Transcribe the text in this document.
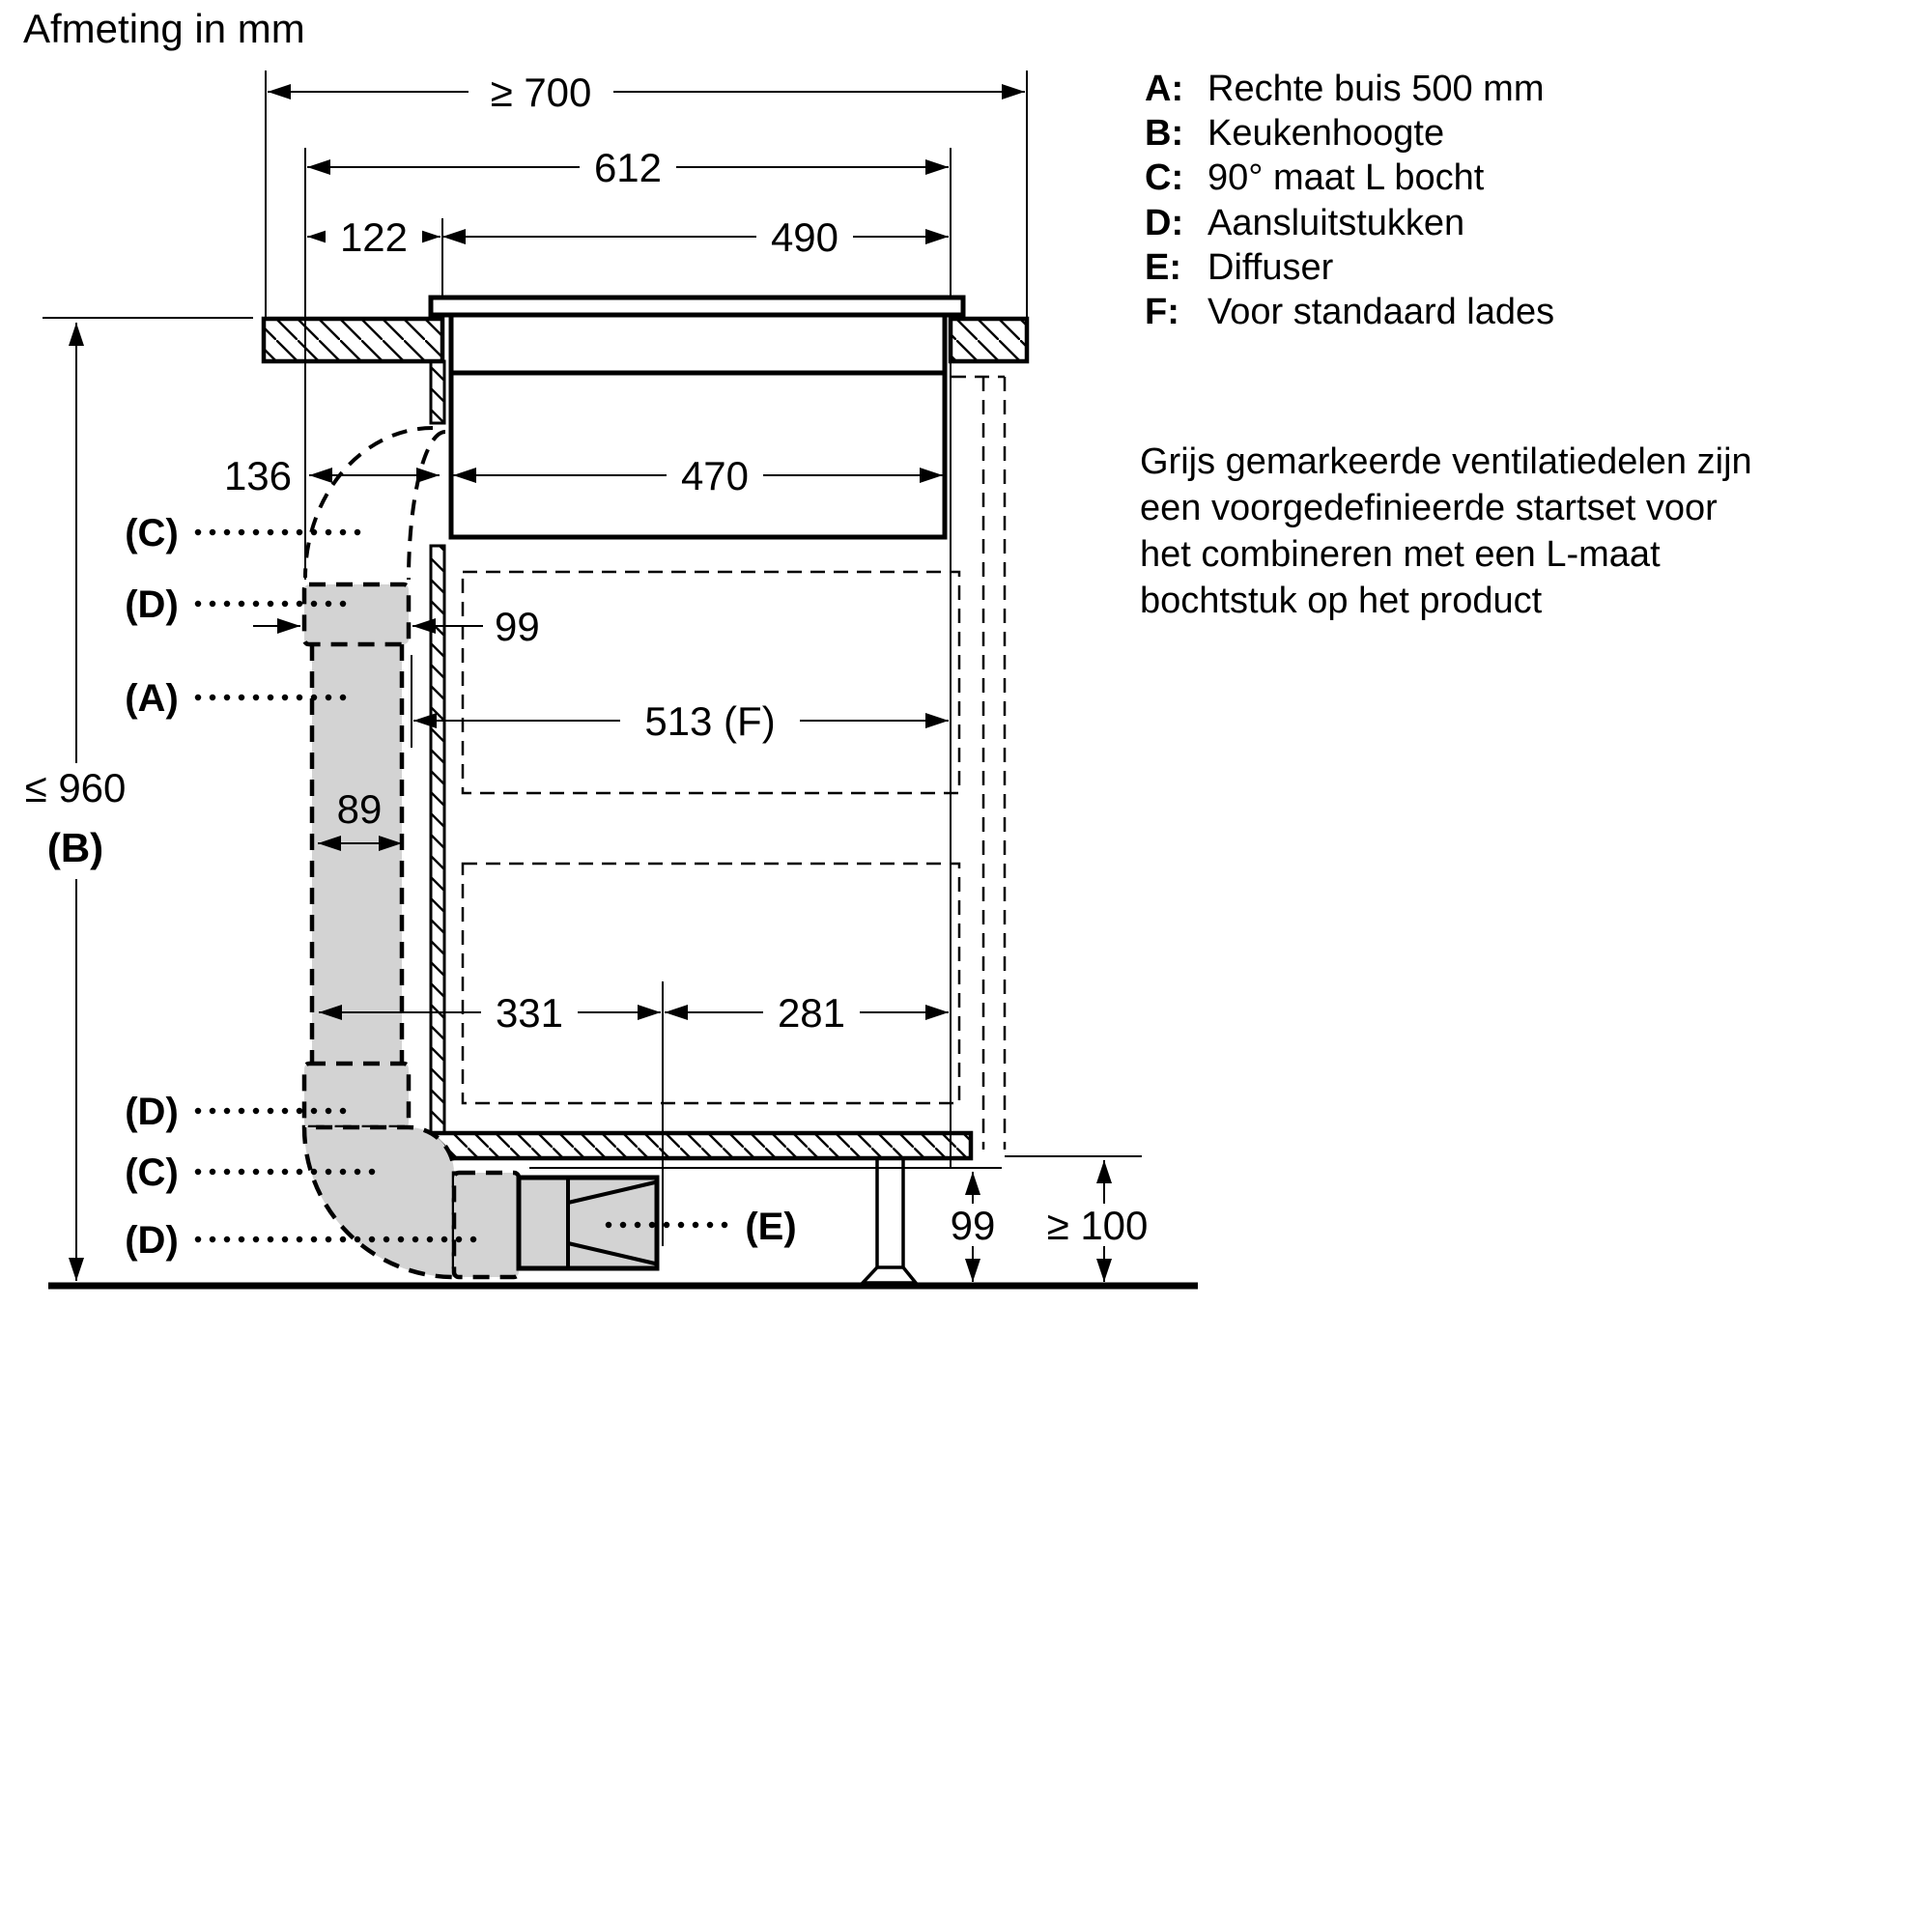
≥ 700
612
122	490
136	470
99
513 (F)
89
331	281
99 ≥ 100
≤ 960
(B)
(C)
(D)
(A)
(D)
(C)
(D)	(E)
Afmeting in mm
A: Rechte buis 500 mm
B: Keukenhoogte
C: 90° maat L bocht
D: Aansluitstukken
E: Diffuser
F: Voor standaard lades
Grijs gemarkeerde ventilatiedelen zijn
een voorgedefinieerde startset voor
het combineren met een L-maat
bochtstuk op het product
